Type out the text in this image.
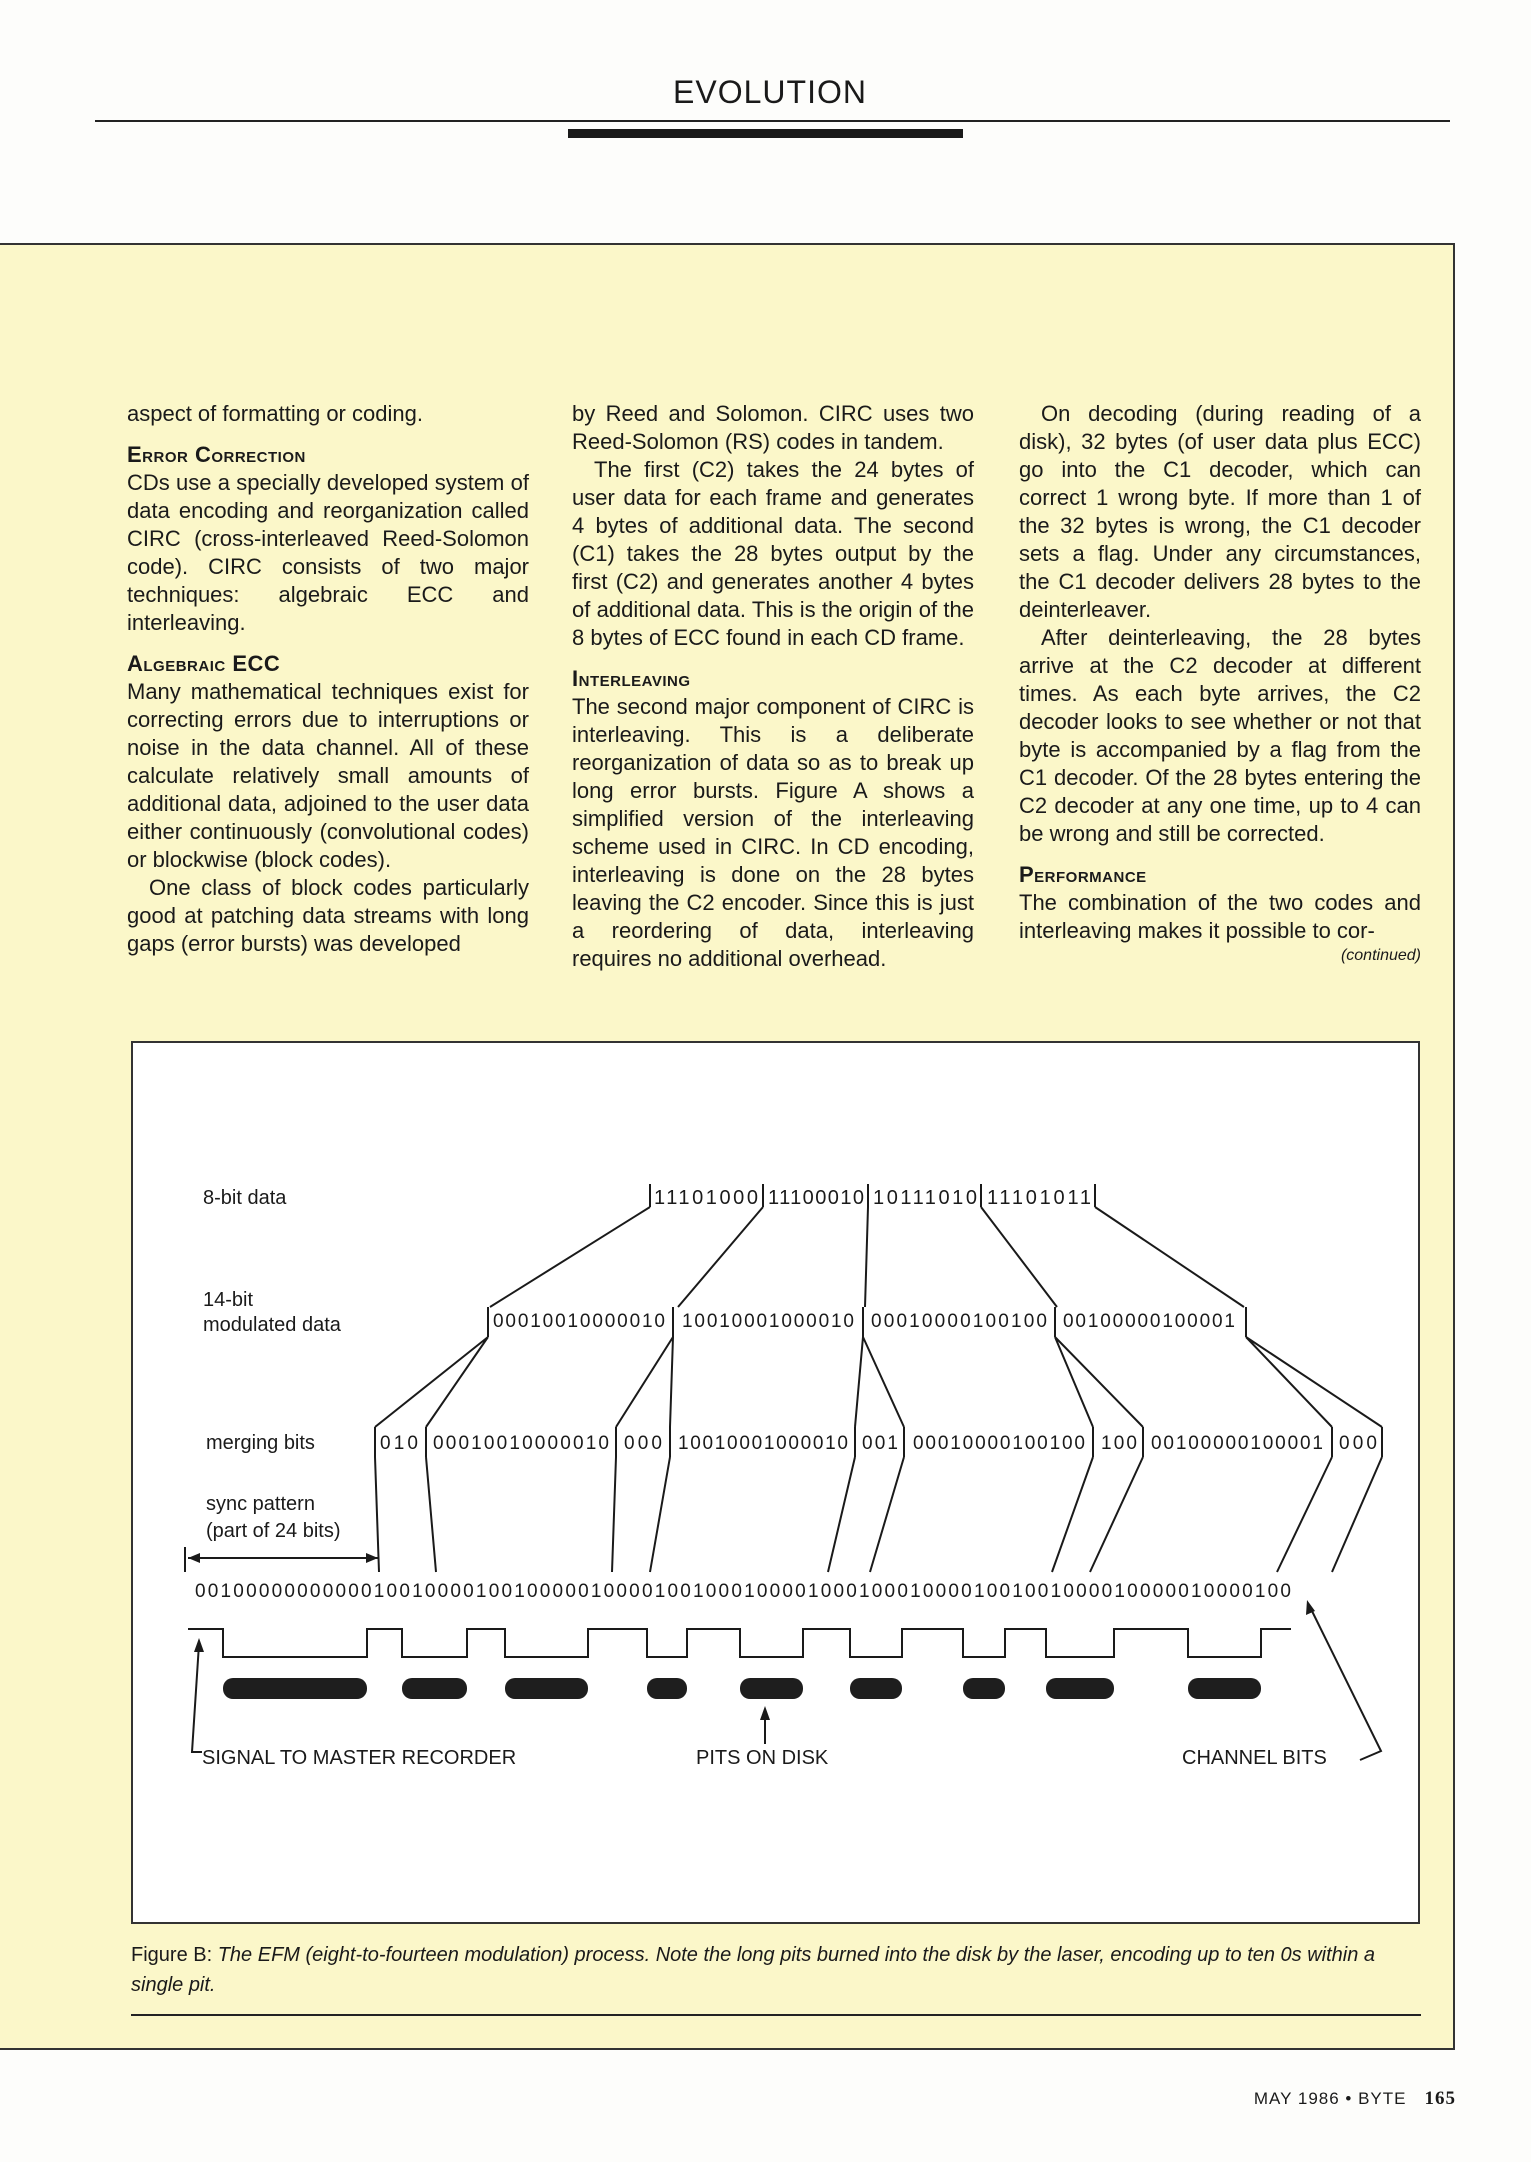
EVOLUTION

aspect of formatting or coding.

Error Correction

CDs use a specially developed system of data encoding and reorganization called CIRC (cross-interleaved Reed-Solomon code). CIRC consists of two major techniques: algebraic ECC and interleaving.

Algebraic ECC

Many mathematical techniques exist for correcting errors due to interruptions or noise in the data channel. All of these calculate relatively small amounts of additional data, adjoined to the user data either continuously (convolutional codes) or blockwise (block codes).

One class of block codes particularly good at patching data streams with long gaps (error bursts) was developed

by Reed and Solomon. CIRC uses two Reed-Solomon (RS) codes in tandem.

The first (C2) takes the 24 bytes of user data for each frame and generates 4 bytes of additional data. The second (C1) takes the 28 bytes output by the first (C2) and generates another 4 bytes of additional data. This is the origin of the 8 bytes of ECC found in each CD frame.

Interleaving

The second major component of CIRC is interleaving. This is a deliberate reorganization of data so as to break up long error bursts. Figure A shows a simplified version of the interleaving scheme used in CIRC. In CD encoding, interleaving is done on the 28 bytes leaving the C2 encoder. Since this is just a reordering of data, interleaving requires no additional overhead.

On decoding (during reading of a disk), 32 bytes (of user data plus ECC) go into the C1 decoder, which can correct 1 wrong byte. If more than 1 of the 32 bytes is wrong, the C1 decoder sets a flag. Under any circumstances, the C1 decoder delivers 28 bytes to the deinterleaver.

After deinterleaving, the 28 bytes arrive at the C2 decoder at different times. As each byte arrives, the C2 decoder looks to see whether or not that byte is accompanied by a flag from the C1 decoder. Of the 28 bytes entering the C2 decoder at any one time, up to 4 can be wrong and still be corrected.

Performance

The combination of the two codes and interleaving makes it possible to cor-

(continued)
8-bit data
14-bit
modulated data
merging bits
sync pattern
(part of 24 bits)
11101000 11100010 10111010 11101011
00010010000010 10010001000010 00010000100100 00100000100001
010 00010010000010 000 10010001000010 001 00010000100100 100 00100000100001 000
00100000000000100100001001000001000010010001000010001000100001001001000010000010000100
SIGNAL TO MASTER RECORDER	PITS ON DISK	CHANNEL BITS
Figure B: The EFM (eight-to-fourteen modulation) process. Note the long pits burned into the disk by the laser, encoding up to ten 0s within a single pit.
MAY 1986 • BYTE 165
